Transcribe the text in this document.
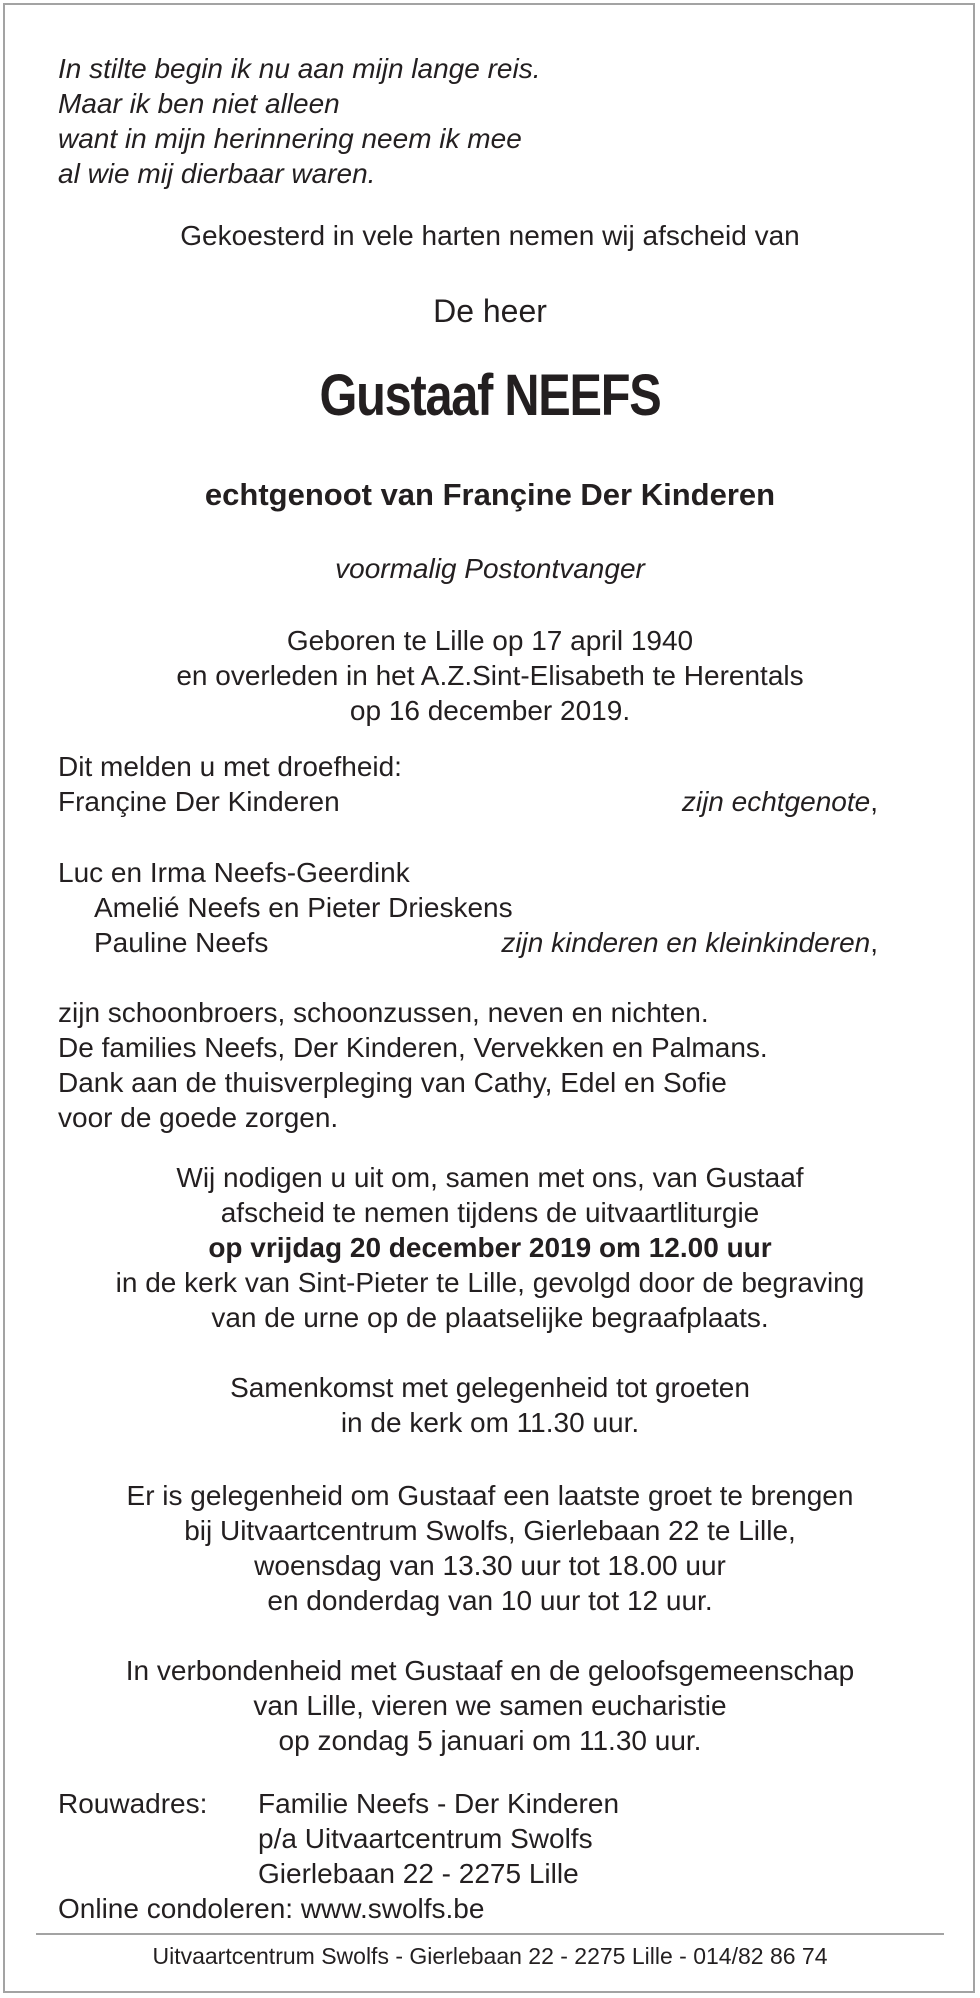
In stilte begin ik nu aan mijn lange reis.
Maar ik ben niet alleen
want in mijn herinnering neem ik mee
al wie mij dierbaar waren.
Gekoesterd in vele harten nemen wij afscheid van
De heer
Gustaaf NEEFS
echtgenoot van Françine Der Kinderen
voormalig Postontvanger
Geboren te Lille op 17 april 1940
en overleden in het A.Z.Sint-Elisabeth te Herentals
op 16 december 2019.
Dit melden u met droefheid:
Françine Der Kinderen	zijn echtgenote,
Luc en Irma Neefs-Geerdink
Amelié Neefs en Pieter Drieskens
Pauline Neefs	zijn kinderen en kleinkinderen,
zijn schoonbroers, schoonzussen, neven en nichten.
De families Neefs, Der Kinderen, Vervekken en Palmans.
Dank aan de thuisverpleging van Cathy, Edel en Sofie
voor de goede zorgen.
Wij nodigen u uit om, samen met ons, van Gustaaf
afscheid te nemen tijdens de uitvaartliturgie
op vrijdag 20 december 2019 om 12.00 uur
in de kerk van Sint-Pieter te Lille, gevolgd door de begraving
van de urne op de plaatselijke begraafplaats.
Samenkomst met gelegenheid tot groeten
in de kerk om 11.30 uur.
Er is gelegenheid om Gustaaf een laatste groet te brengen
bij Uitvaartcentrum Swolfs, Gierlebaan 22 te Lille,
woensdag van 13.30 uur tot 18.00 uur
en donderdag van 10 uur tot 12 uur.
In verbondenheid met Gustaaf en de geloofsgemeenschap
van Lille, vieren we samen eucharistie
op zondag 5 januari om 11.30 uur.
Rouwadres: Familie Neefs - Der Kinderen
p/a Uitvaartcentrum Swolfs
Gierlebaan 22 - 2275 Lille
Online condoleren: www.swolfs.be
Uitvaartcentrum Swolfs - Gierlebaan 22 - 2275 Lille - 014/82 86 74
